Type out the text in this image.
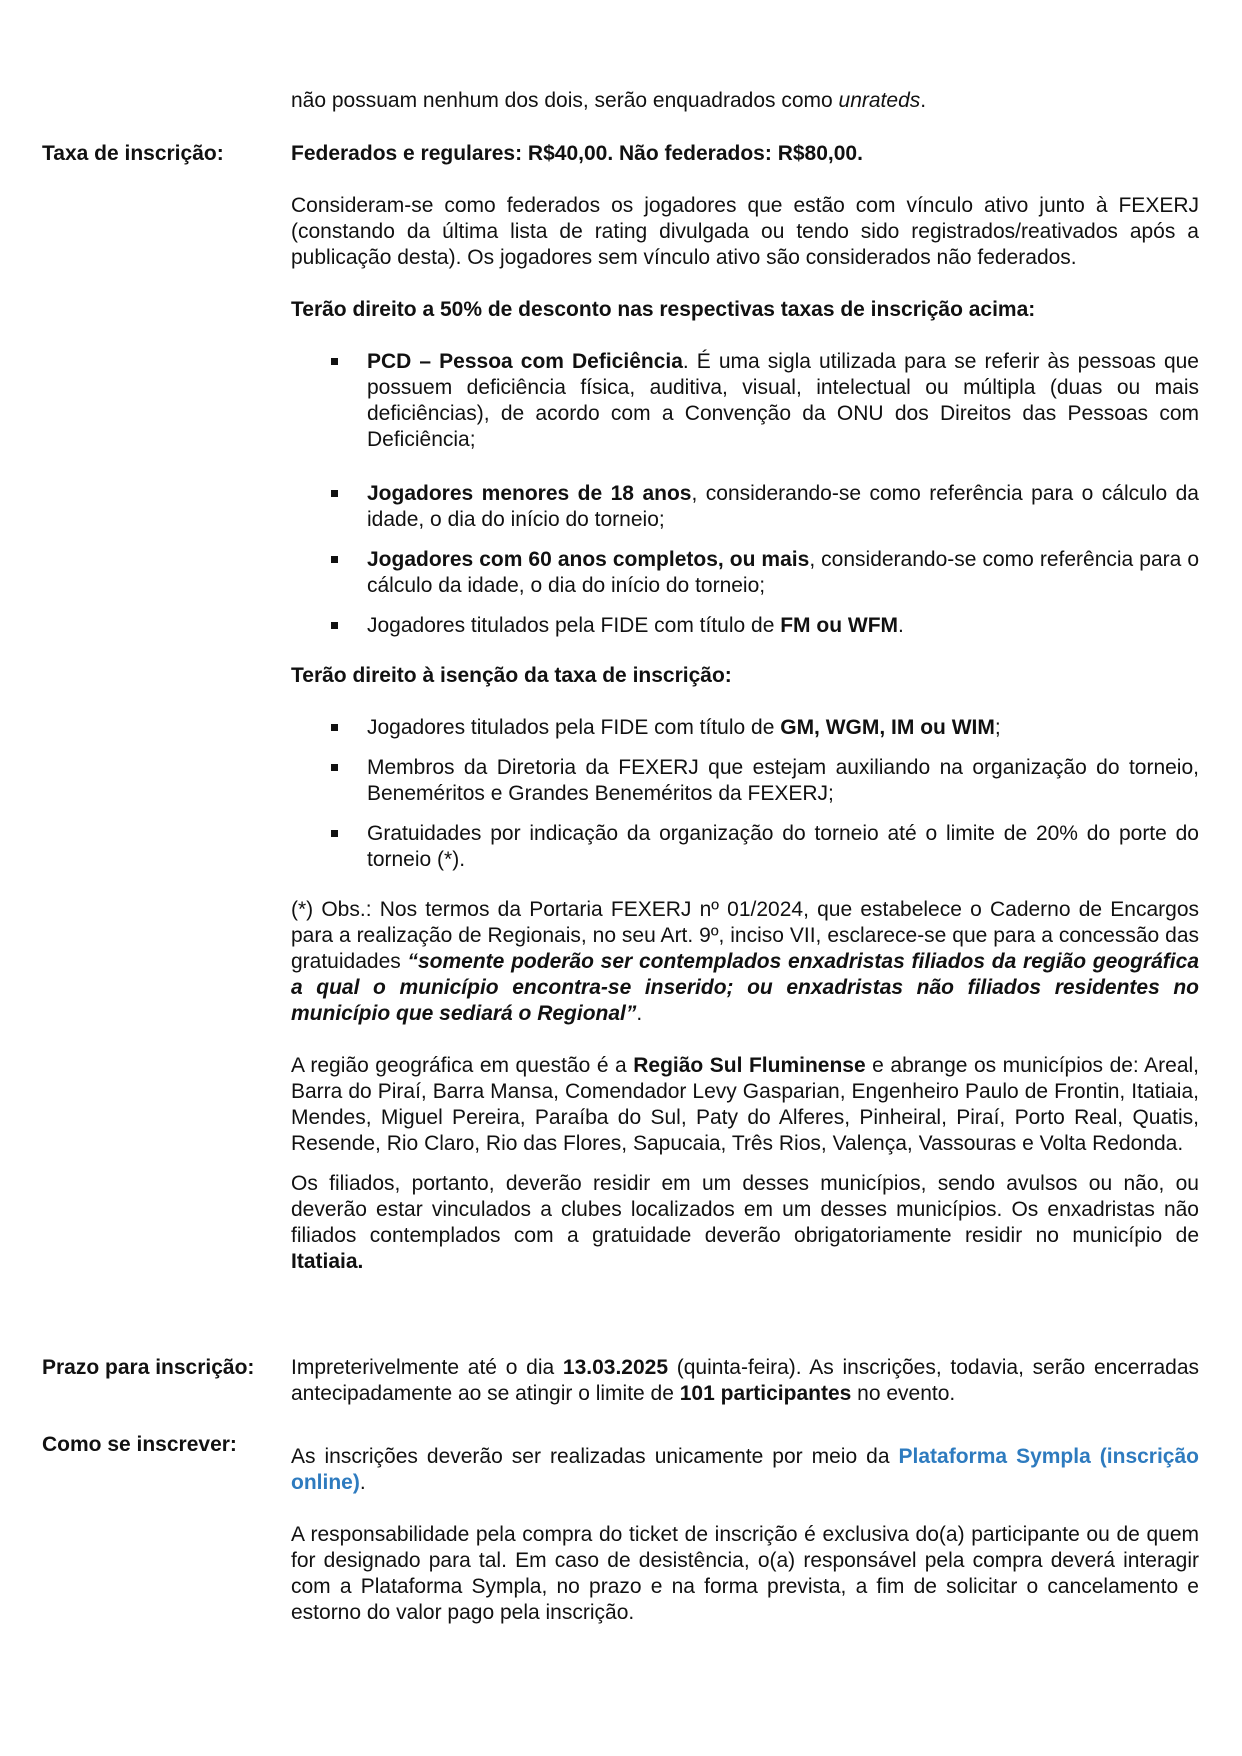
não possuam nenhum dos dois, serão enquadrados como unrateds.

Taxa de inscrição:	Federados e regulares: R$40,00. Não federados: R$80,00.

Consideram-se como federados os jogadores que estão com vínculo ativo junto à FEXERJ (constando da última lista de rating divulgada ou tendo sido registrados/reativados após a publicação desta). Os jogadores sem vínculo ativo são considerados não federados.

Terão direito a 50% de desconto nas respectivas taxas de inscrição acima:

PCD – Pessoa com Deficiência. É uma sigla utilizada para se referir às pessoas que possuem deficiência física, auditiva, visual, intelectual ou múltipla (duas ou mais deficiências), de acordo com a Convenção da ONU dos Direitos das Pessoas com Deficiência;
Jogadores menores de 18 anos, considerando-se como referência para o cálculo da idade, o dia do início do torneio;
Jogadores com 60 anos completos, ou mais, considerando-se como referência para o cálculo da idade, o dia do início do torneio;
Jogadores titulados pela FIDE com título de FM ou WFM.

Terão direito à isenção da taxa de inscrição:

Jogadores titulados pela FIDE com título de GM, WGM, IM ou WIM;
Membros da Diretoria da FEXERJ que estejam auxiliando na organização do torneio, Beneméritos e Grandes Beneméritos da FEXERJ;
Gratuidades por indicação da organização do torneio até o limite de 20% do porte do torneio (*).

(*) Obs.: Nos termos da Portaria FEXERJ nº 01/2024, que estabelece o Caderno de Encargos para a realização de Regionais, no seu Art. 9º, inciso VII, esclarece-se que para a concessão das gratuidades “somente poderão ser contemplados enxadristas filiados da região geográfica a qual o município encontra-se inserido; ou enxadristas não filiados residentes no município que sediará o Regional”.

A região geográfica em questão é a Região Sul Fluminense e abrange os municípios de: Areal, Barra do Piraí, Barra Mansa, Comendador Levy Gasparian, Engenheiro Paulo de Frontin, Itatiaia, Mendes, Miguel Pereira, Paraíba do Sul, Paty do Alferes, Pinheiral, Piraí, Porto Real, Quatis, Resende, Rio Claro, Rio das Flores, Sapucaia, Três Rios, Valença, Vassouras e Volta Redonda.

Os filiados, portanto, deverão residir em um desses municípios, sendo avulsos ou não, ou deverão estar vinculados a clubes localizados em um desses municípios. Os enxadristas não filiados contemplados com a gratuidade deverão obrigatoriamente residir no município de Itatiaia.

Prazo para inscrição:	Impreterivelmente até o dia 13.03.2025 (quinta-feira). As inscrições, todavia, serão encerradas antecipadamente ao se atingir o limite de 101 participantes no evento.

Como se inscrever:

As inscrições deverão ser realizadas unicamente por meio da Plataforma Sympla (inscrição online).

A responsabilidade pela compra do ticket de inscrição é exclusiva do(a) participante ou de quem for designado para tal. Em caso de desistência, o(a) responsável pela compra deverá interagir com a Plataforma Sympla, no prazo e na forma prevista, a fim de solicitar o cancelamento e estorno do valor pago pela inscrição.
